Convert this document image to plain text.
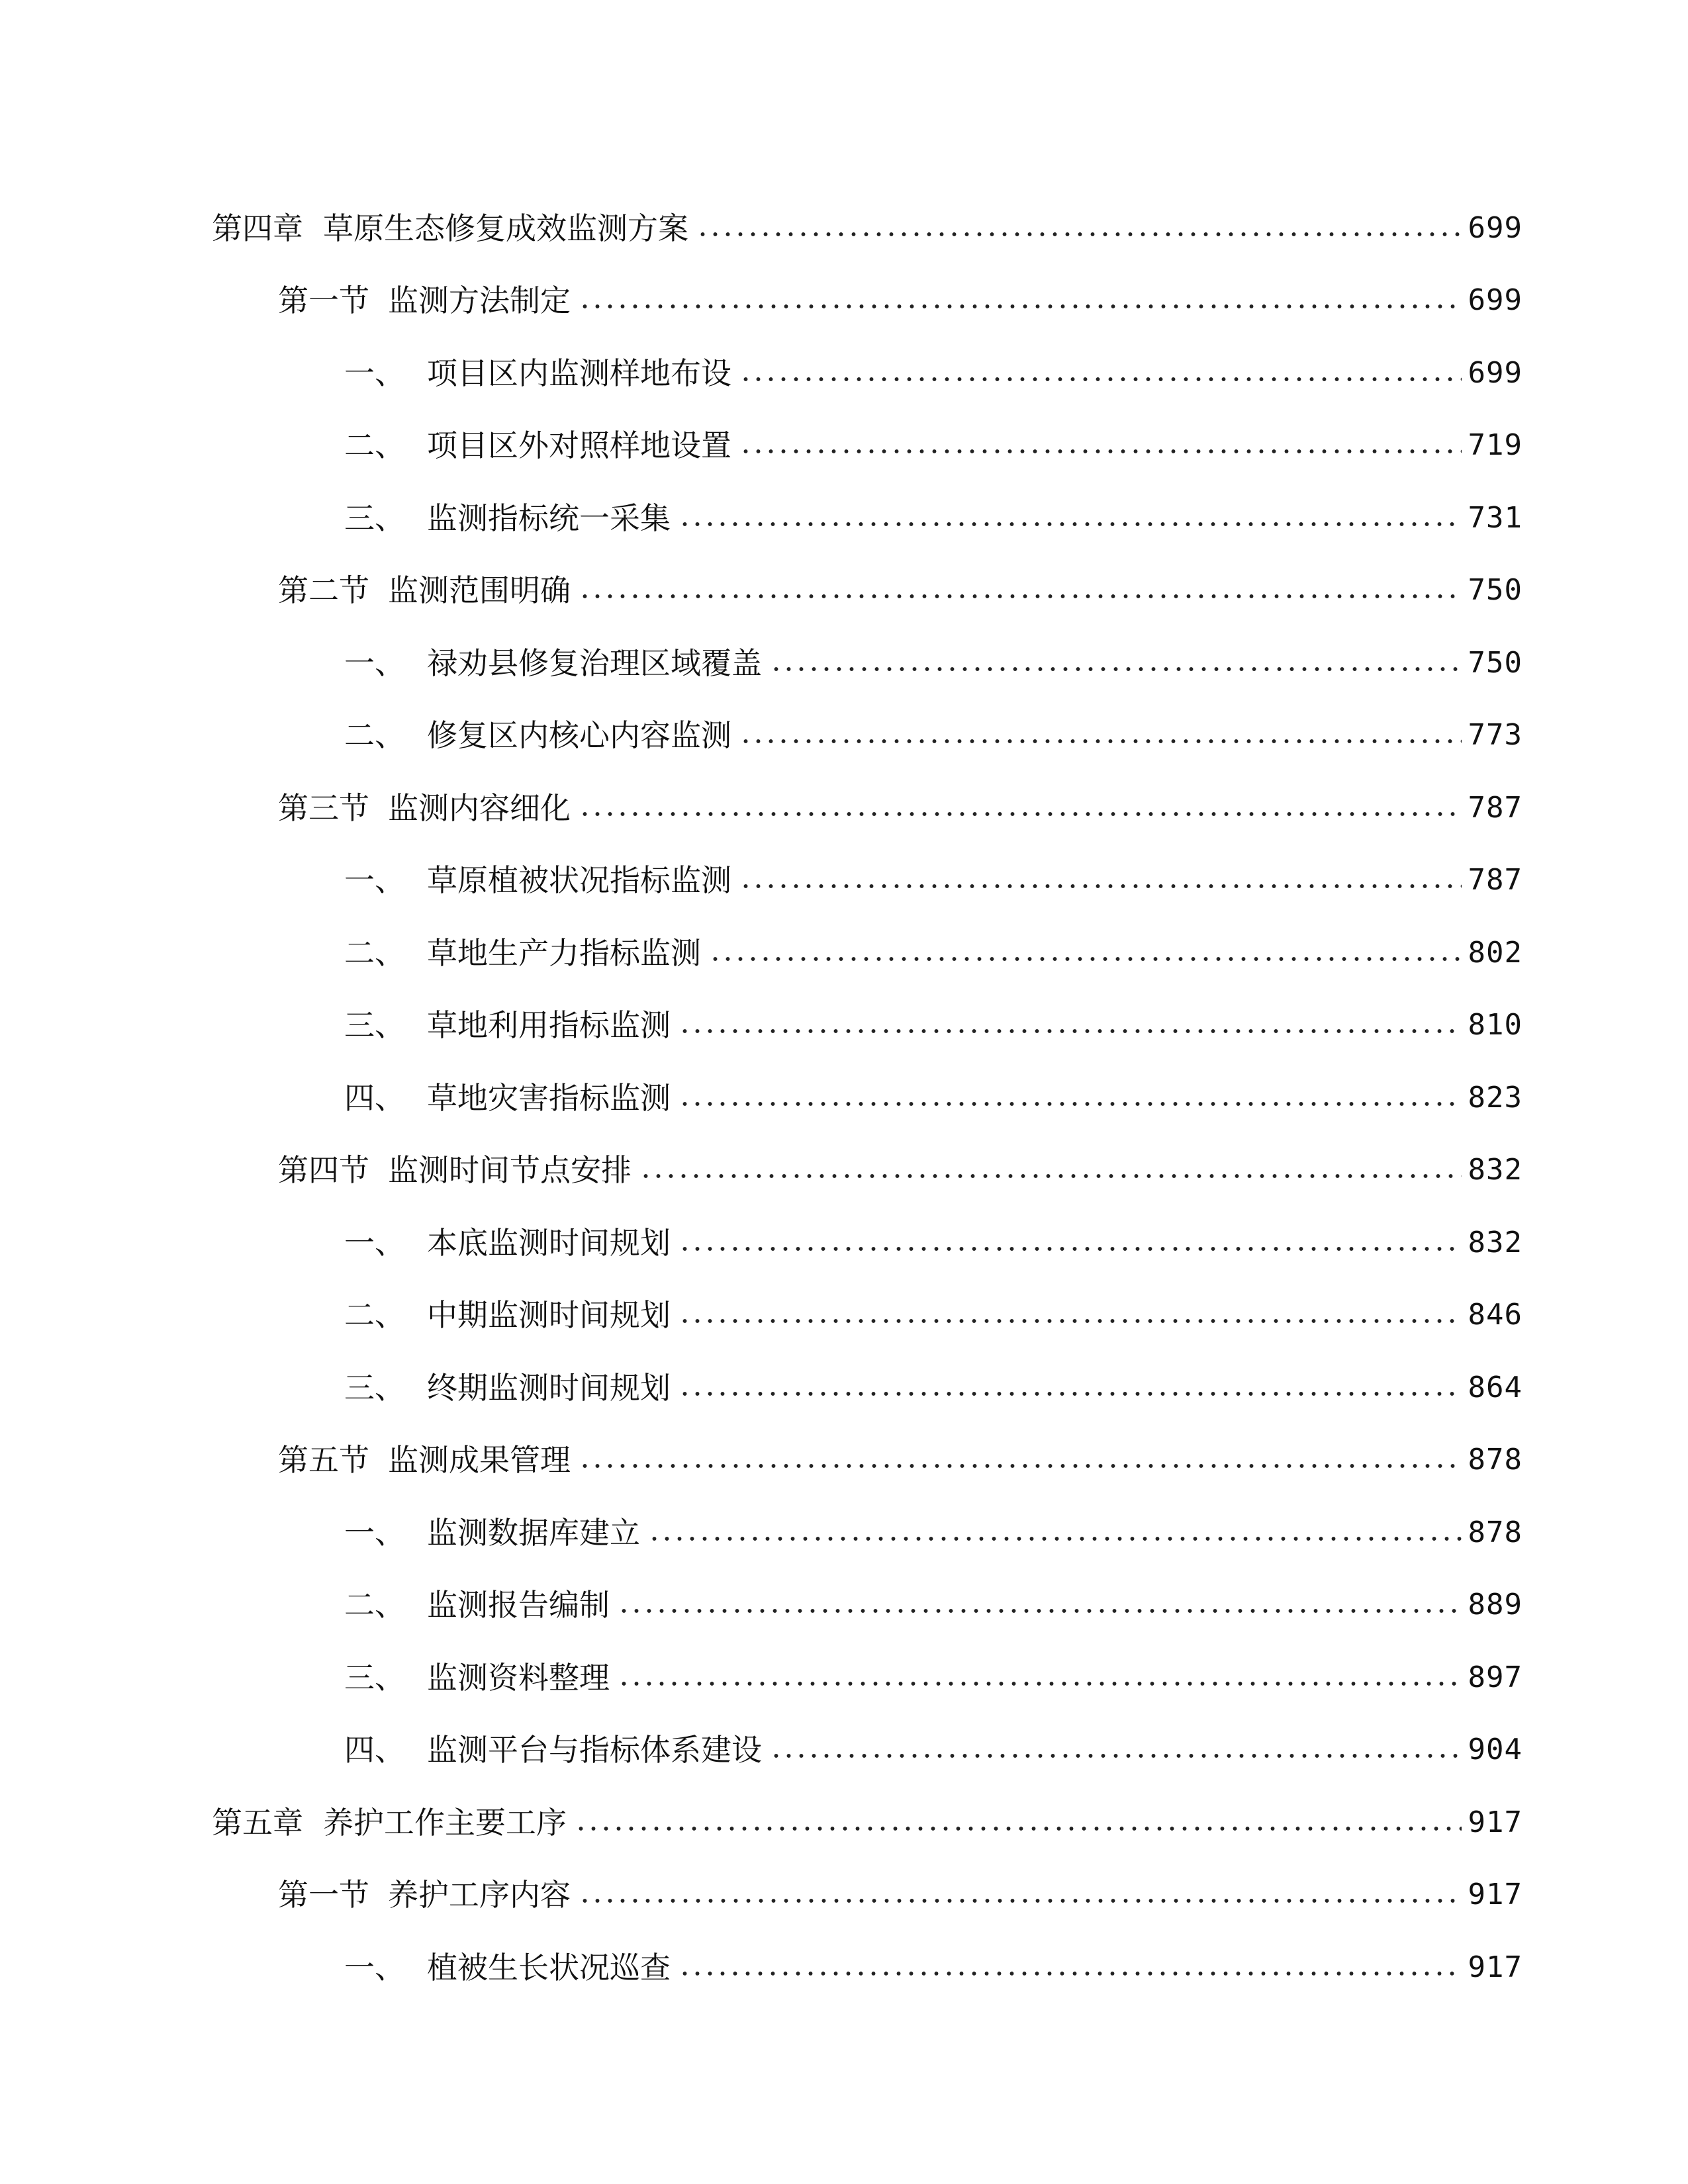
第四章 草原生态修复成效监测方案	699
第一节 监测方法制定	699
一、 项目区内监测样地布设	699
二、 项目区外对照样地设置	719
三、 监测指标统一采集	731
第二节 监测范围明确	750
一、 禄劝县修复治理区域覆盖	750
二、 修复区内核心内容监测	773
第三节 监测内容细化	787
一、 草原植被状况指标监测	787
二、 草地生产力指标监测	802
三、 草地利用指标监测	810
四、 草地灾害指标监测	823
第四节 监测时间节点安排	832
一、 本底监测时间规划	832
二、 中期监测时间规划	846
三、 终期监测时间规划	864
第五节 监测成果管理	878
一、 监测数据库建立	878
二、 监测报告编制	889
三、 监测资料整理	897
四、 监测平台与指标体系建设	904
第五章 养护工作主要工序	917
第一节 养护工序内容	917
一、 植被生长状况巡查	917
